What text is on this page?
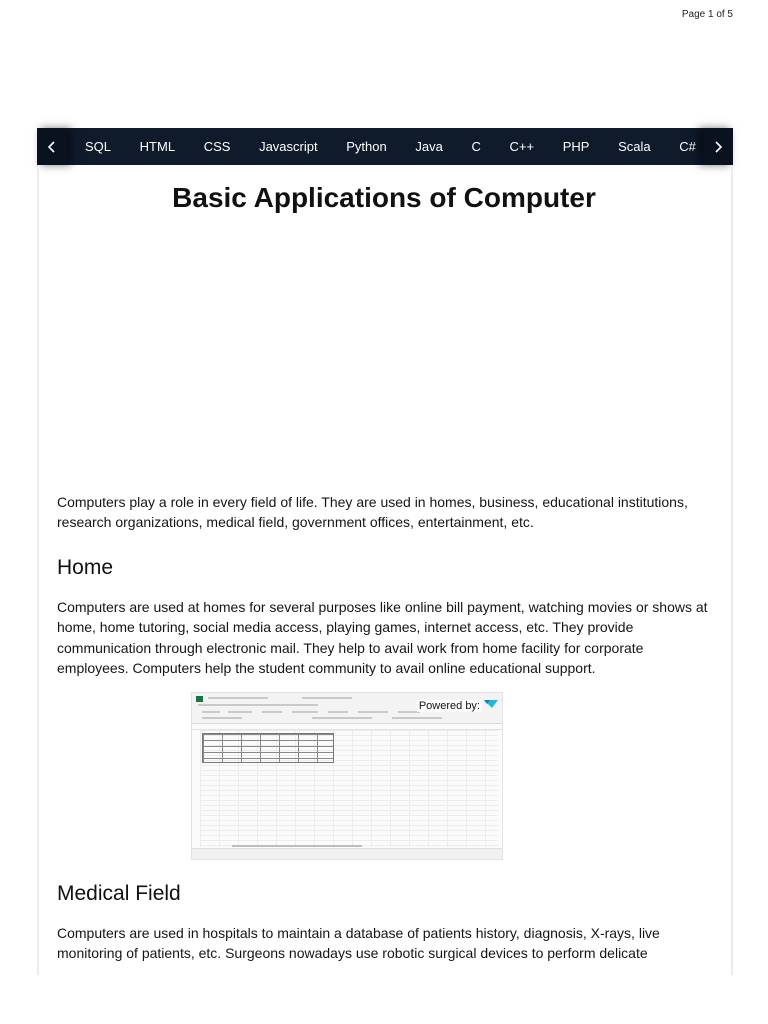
Page 1 of 5
SQL HTML CSS Javascript Python Java C C++ PHP Scala C#
Basic Applications of Computer

Computers play a role in every field of life. They are used in homes, business, educational institutions, research organizations, medical field, government offices, entertainment, etc.

Home

Computers are used at homes for several purposes like online bill payment, watching movies or shows at home, home tutoring, social media access, playing games, internet access, etc. They provide communication through electronic mail. They help to avail work from home facility for corporate employees. Computers help the student community to avail online educational support.

Powered by:
Medical Field

Computers are used in hospitals to maintain a database of patients history, diagnosis, X-rays, live monitoring of patients, etc. Surgeons nowadays use robotic surgical devices to perform delicate
